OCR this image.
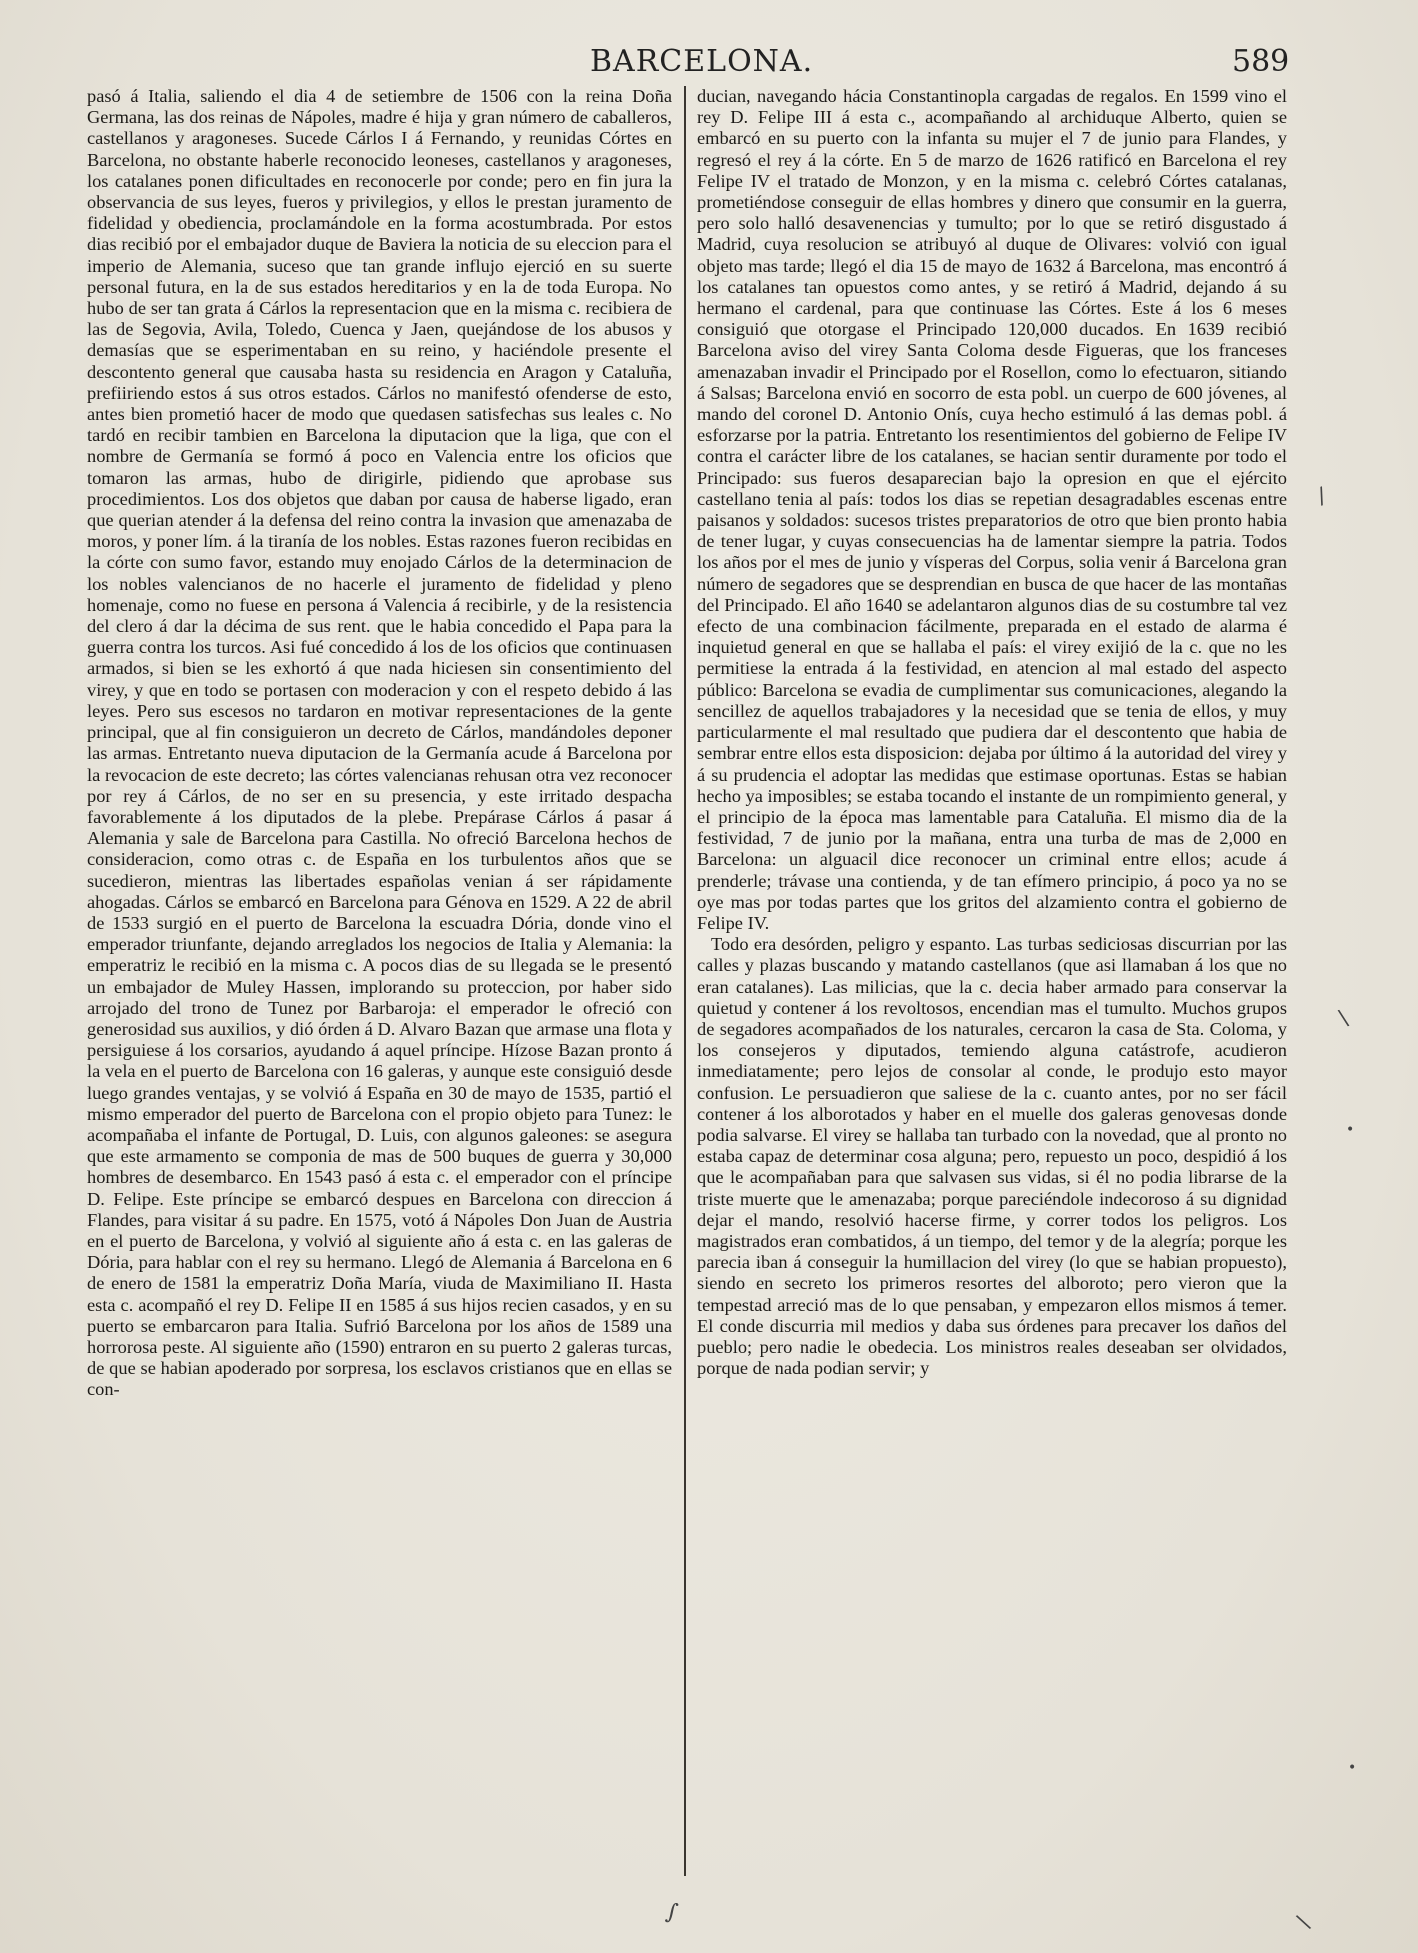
BARCELONA.	589

pasó á Italia, saliendo el dia 4 de setiembre de 1506 con la reina Doña Germana, las dos reinas de Nápoles, madre é hija y gran número de caballeros, castellanos y aragoneses. Sucede Cárlos I á Fernando, y reunidas Córtes en Barcelona, no obstante haberle reconocido leoneses, castellanos y aragoneses, los catalanes ponen dificultades en reconocerle por conde; pero en fin jura la observancia de sus leyes, fueros y privilegios, y ellos le prestan juramento de fidelidad y obediencia, proclamándole en la forma acostumbrada. Por estos dias recibió por el embajador duque de Baviera la noticia de su eleccion para el imperio de Alemania, suceso que tan grande influjo ejerció en su suerte personal futura, en la de sus estados hereditarios y en la de toda Europa. No hubo de ser tan grata á Cárlos la representacion que en la misma c. recibiera de las de Segovia, Avila, Toledo, Cuenca y Jaen, quejándose de los abusos y demasías que se esperimentaban en su reino, y haciéndole presente el descontento general que causaba hasta su residencia en Aragon y Cataluña, prefiiriendo estos á sus otros estados. Cárlos no manifestó ofenderse de esto, antes bien prometió hacer de modo que quedasen satisfechas sus leales c. No tardó en recibir tambien en Barcelona la diputacion que la liga, que con el nombre de Germanía se formó á poco en Valencia entre los oficios que tomaron las armas, hubo de dirigirle, pidiendo que aprobase sus procedimientos. Los dos objetos que daban por causa de haberse ligado, eran que querian atender á la defensa del reino contra la invasion que amenazaba de moros, y poner lím. á la tiranía de los nobles. Estas razones fueron recibidas en la córte con sumo favor, estando muy enojado Cárlos de la determinacion de los nobles valencianos de no hacerle el juramento de fidelidad y pleno homenaje, como no fuese en persona á Valencia á recibirle, y de la resistencia del clero á dar la décima de sus rent. que le habia concedido el Papa para la guerra contra los turcos. Asi fué concedido á los de los oficios que continuasen armados, si bien se les exhortó á que nada hiciesen sin consentimiento del virey, y que en todo se portasen con moderacion y con el respeto debido á las leyes. Pero sus escesos no tardaron en motivar representaciones de la gente principal, que al fin consiguieron un decreto de Cárlos, mandándoles deponer las armas. Entretanto nueva diputacion de la Germanía acude á Barcelona por la revocacion de este decreto; las córtes valencianas rehusan otra vez reconocer por rey á Cárlos, de no ser en su presencia, y este irritado despacha favorablemente á los diputados de la plebe. Prepárase Cárlos á pasar á Alemania y sale de Barcelona para Castilla. No ofreció Barcelona hechos de consideracion, como otras c. de España en los turbulentos años que se sucedieron, mientras las libertades españolas venian á ser rápidamente ahogadas. Cárlos se embarcó en Barcelona para Génova en 1529. A 22 de abril de 1533 surgió en el puerto de Barcelona la escuadra Dória, donde vino el emperador triunfante, dejando arreglados los negocios de Italia y Alemania: la emperatriz le recibió en la misma c. A pocos dias de su llegada se le presentó un embajador de Muley Hassen, implorando su proteccion, por haber sido arrojado del trono de Tunez por Barbaroja: el emperador le ofreció con generosidad sus auxilios, y dió órden á D. Alvaro Bazan que armase una flota y persiguiese á los corsarios, ayudando á aquel príncipe. Hízose Bazan pronto á la vela en el puerto de Barcelona con 16 galeras, y aunque este consiguió desde luego grandes ventajas, y se volvió á España en 30 de mayo de 1535, partió el mismo emperador del puerto de Barcelona con el propio objeto para Tunez: le acompañaba el infante de Portugal, D. Luis, con algunos galeones: se asegura que este armamento se componia de mas de 500 buques de guerra y 30,000 hombres de desembarco. En 1543 pasó á esta c. el emperador con el príncipe D. Felipe. Este príncipe se embarcó despues en Barcelona con direccion á Flandes, para visitar á su padre. En 1575, votó á Nápoles Don Juan de Austria en el puerto de Barcelona, y volvió al siguiente año á esta c. en las galeras de Dória, para hablar con el rey su hermano. Llegó de Alemania á Barcelona en 6 de enero de 1581 la emperatriz Doña María, viuda de Maximiliano II. Hasta esta c. acompañó el rey D. Felipe II en 1585 á sus hijos recien casados, y en su puerto se embarcaron para Italia. Sufrió Barcelona por los años de 1589 una horrorosa peste. Al siguiente año (1590) entraron en su puerto 2 galeras turcas, de que se habian apoderado por sorpresa, los esclavos cristianos que en ellas se con-

ducian, navegando hácia Constantinopla cargadas de regalos. En 1599 vino el rey D. Felipe III á esta c., acompañando al archiduque Alberto, quien se embarcó en su puerto con la infanta su mujer el 7 de junio para Flandes, y regresó el rey á la córte. En 5 de marzo de 1626 ratificó en Barcelona el rey Felipe IV el tratado de Monzon, y en la misma c. celebró Córtes catalanas, prometiéndose conseguir de ellas hombres y dinero que consumir en la guerra, pero solo halló desavenencias y tumulto; por lo que se retiró disgustado á Madrid, cuya resolucion se atribuyó al duque de Olivares: volvió con igual objeto mas tarde; llegó el dia 15 de mayo de 1632 á Barcelona, mas encontró á los catalanes tan opuestos como antes, y se retiró á Madrid, dejando á su hermano el cardenal, para que continuase las Córtes. Este á los 6 meses consiguió que otorgase el Principado 120,000 ducados. En 1639 recibió Barcelona aviso del virey Santa Coloma desde Figueras, que los franceses amenazaban invadir el Principado por el Rosellon, como lo efectuaron, sitiando á Salsas; Barcelona envió en socorro de esta pobl. un cuerpo de 600 jóvenes, al mando del coronel D. Antonio Onís, cuya hecho estimuló á las demas pobl. á esforzarse por la patria. Entretanto los resentimientos del gobierno de Felipe IV contra el carácter libre de los catalanes, se hacian sentir duramente por todo el Principado: sus fueros desaparecian bajo la opresion en que el ejército castellano tenia al país: todos los dias se repetian desagradables escenas entre paisanos y soldados: sucesos tristes preparatorios de otro que bien pronto habia de tener lugar, y cuyas consecuencias ha de lamentar siempre la patria. Todos los años por el mes de junio y vísperas del Corpus, solia venir á Barcelona gran número de segadores que se desprendian en busca de que hacer de las montañas del Principado. El año 1640 se adelantaron algunos dias de su costumbre tal vez efecto de una combinacion fácilmente, preparada en el estado de alarma é inquietud general en que se hallaba el país: el virey exijió de la c. que no les permitiese la entrada á la festividad, en atencion al mal estado del aspecto público: Barcelona se evadia de cumplimentar sus comunicaciones, alegando la sencillez de aquellos trabajadores y la necesidad que se tenia de ellos, y muy particularmente el mal resultado que pudiera dar el descontento que habia de sembrar entre ellos esta disposicion: dejaba por último á la autoridad del virey y á su prudencia el adoptar las medidas que estimase oportunas. Estas se habian hecho ya imposibles; se estaba tocando el instante de un rompimiento general, y el principio de la época mas lamentable para Cataluña. El mismo dia de la festividad, 7 de junio por la mañana, entra una turba de mas de 2,000 en Barcelona: un alguacil dice reconocer un criminal entre ellos; acude á prenderle; trávase una contienda, y de tan efímero principio, á poco ya no se oye mas por todas partes que los gritos del alzamiento contra el gobierno de Felipe IV.

Todo era desórden, peligro y espanto. Las turbas sediciosas discurrian por las calles y plazas buscando y matando castellanos (que asi llamaban á los que no eran catalanes). Las milicias, que la c. decia haber armado para conservar la quietud y contener á los revoltosos, encendian mas el tumulto. Muchos grupos de segadores acompañados de los naturales, cercaron la casa de Sta. Coloma, y los consejeros y diputados, temiendo alguna catástrofe, acudieron inmediatamente; pero lejos de consolar al conde, le produjo esto mayor confusion. Le persuadieron que saliese de la c. cuanto antes, por no ser fácil contener á los alborotados y haber en el muelle dos galeras genovesas donde podia salvarse. El virey se hallaba tan turbado con la novedad, que al pronto no estaba capaz de determinar cosa alguna; pero, repuesto un poco, despidió á los que le acompañaban para que salvasen sus vidas, si él no podia librarse de la triste muerte que le amenazaba; porque pareciéndole indecoroso á su dignidad dejar el mando, resolvió hacerse firme, y correr todos los peligros. Los magistrados eran combatidos, á un tiempo, del temor y de la alegría; porque les parecia iban á conseguir la humillacion del virey (lo que se habian propuesto), siendo en secreto los primeros resortes del alboroto; pero vieron que la tempestad arreció mas de lo que pensaban, y empezaron ellos mismos á temer. El conde discurria mil medios y daba sus órdenes para precaver los daños del pueblo; pero nadie le obedecia. Los ministros reales deseaban ser olvidados, porque de nada podian servir; y

/
\
•
•
∫	\
